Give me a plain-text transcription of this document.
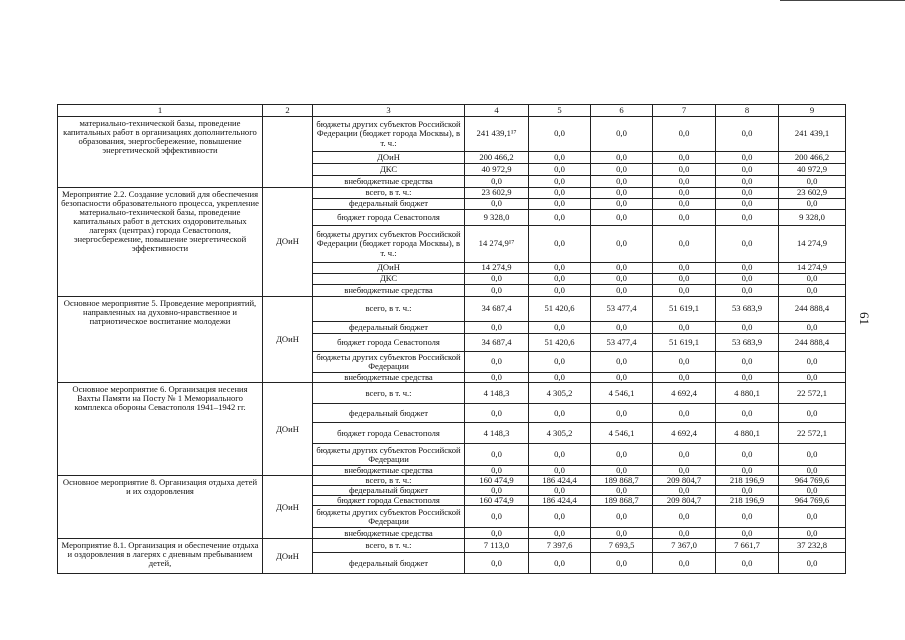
61
1	2	3	4	5	6	7	8	9
материально-технической базы, проведение капитальных работ в организациях дополнительного образования, энергосбережение, повышение энергетической эффективности		бюджеты других субъектов Российской Федерации (бюджет города Москвы), в т. ч.:	241 439,1¹⁷	0,0	0,0	0,0	0,0	241 439,1
		ДОиН	200 466,2	0,0	0,0	0,0	0,0	200 466,2
		ДКС	40 972,9	0,0	0,0	0,0	0,0	40 972,9
		внебюджетные средства	0,0	0,0	0,0	0,0	0,0	0,0
Мероприятие 2.2. Создание условий для обеспечения безопасности образовательного процесса, укрепление материально-технической базы, проведение капитальных работ в детских оздоровительных лагерях (центрах) города Севастополя, энергосбережение, повышение энергетической эффективности	ДОиН	всего, в т. ч.:	23 602,9	0,0	0,0	0,0	0,0	23 602,9
		федеральный бюджет	0,0	0,0	0,0	0,0	0,0	0,0
		бюджет города Севастополя	9 328,0	0,0	0,0	0,0	0,0	9 328,0
		бюджеты других субъектов Российской Федерации (бюджет города Москвы), в т. ч.:	14 274,9¹⁷	0,0	0,0	0,0	0,0	14 274,9
		ДОиН	14 274,9	0,0	0,0	0,0	0,0	14 274,9
		ДКС	0,0	0,0	0,0	0,0	0,0	0,0
		внебюджетные средства	0,0	0,0	0,0	0,0	0,0	0,0
Основное мероприятие 5. Проведение мероприятий, направленных на духовно-нравственное и патриотическое воспитание молодежи	ДОиН	всего, в т. ч.:	34 687,4	51 420,6	53 477,4	51 619,1	53 683,9	244 888,4
		федеральный бюджет	0,0	0,0	0,0	0,0	0,0	0,0
		бюджет города Севастополя	34 687,4	51 420,6	53 477,4	51 619,1	53 683,9	244 888,4
		бюджеты других субъектов Российской Федерации	0,0	0,0	0,0	0,0	0,0	0,0
		внебюджетные средства	0,0	0,0	0,0	0,0	0,0	0,0
Основное мероприятие 6. Организация несения Вахты Памяти на Посту № 1 Мемориального комплекса обороны Севастополя 1941–1942 гг.	ДОиН	всего, в т. ч.:	4 148,3	4 305,2	4 546,1	4 692,4	4 880,1	22 572,1
		федеральный бюджет	0,0	0,0	0,0	0,0	0,0	0,0
		бюджет города Севастополя	4 148,3	4 305,2	4 546,1	4 692,4	4 880,1	22 572,1
		бюджеты других субъектов Российской Федерации	0,0	0,0	0,0	0,0	0,0	0,0
		внебюджетные средства	0,0	0,0	0,0	0,0	0,0	0,0
Основное мероприятие 8. Организация отдыха детей и их оздоровления	ДОиН	всего, в т. ч.:	160 474,9	186 424,4	189 868,7	209 804,7	218 196,9	964 769,6
		федеральный бюджет	0,0	0,0	0,0	0,0	0,0	0,0
		бюджет города Севастополя	160 474,9	186 424,4	189 868,7	209 804,7	218 196,9	964 769,6
		бюджеты других субъектов Российской Федерации	0,0	0,0	0,0	0,0	0,0	0,0
		внебюджетные средства	0,0	0,0	0,0	0,0	0,0	0,0
Мероприятие 8.1. Организация и обеспечение отдыха и оздоровления в лагерях с дневным пребыванием детей,	ДОиН	всего, в т. ч.:	7 113,0	7 397,6	7 693,5	7 367,0	7 661,7	37 232,8
		федеральный бюджет	0,0	0,0	0,0	0,0	0,0	0,0
